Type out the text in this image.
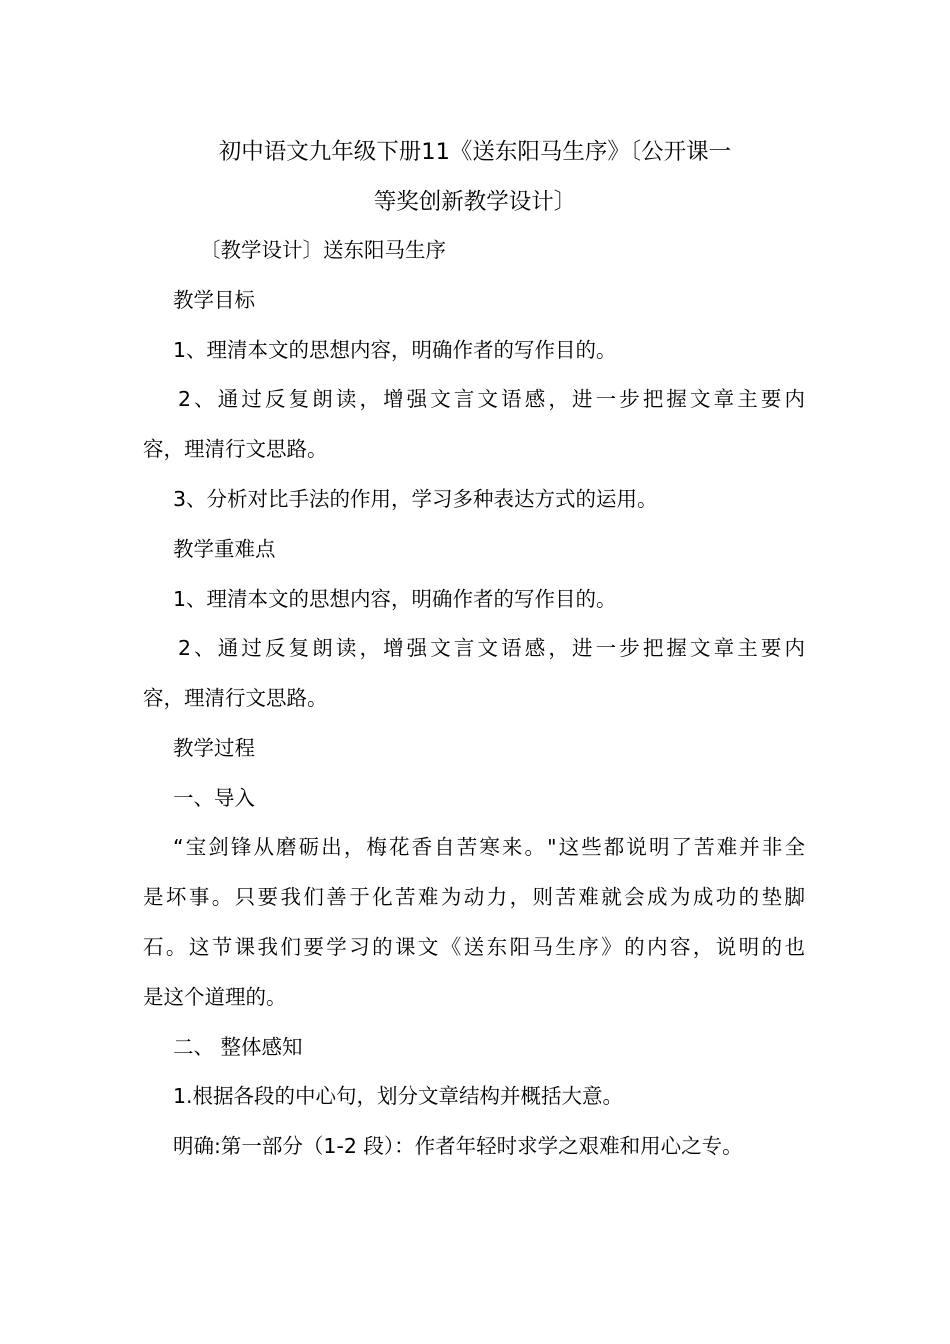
初中语文九年级下册11《送东阳马生序》〔公开课一
等奖创新教学设计〕
〔教学设计〕送东阳马生序
教学目标
1、理清本文的思想内容，明确作者的写作目的。
2、通过反复朗读，增强文言文语感，进一步把握文章主要内
容，理清行文思路。
3、分析对比手法的作用，学习多种表达方式的运用。
教学重难点
1、理清本文的思想内容，明确作者的写作目的。
2、通过反复朗读，增强文言文语感，进一步把握文章主要内
容，理清行文思路。
教学过程
一、导入
“宝剑锋从磨砺出，梅花香自苦寒来。"这些都说明了苦难并非全
是坏事。只要我们善于化苦难为动力，则苦难就会成为成功的垫脚
石。这节课我们要学习的课文《送东阳马生序》的内容，说明的也
是这个道理的。
二、 整体感知
1.根据各段的中心句，划分文章结构并概括大意。
明确:第一部分（1-2 段）：作者年轻时求学之艰难和用心之专。
